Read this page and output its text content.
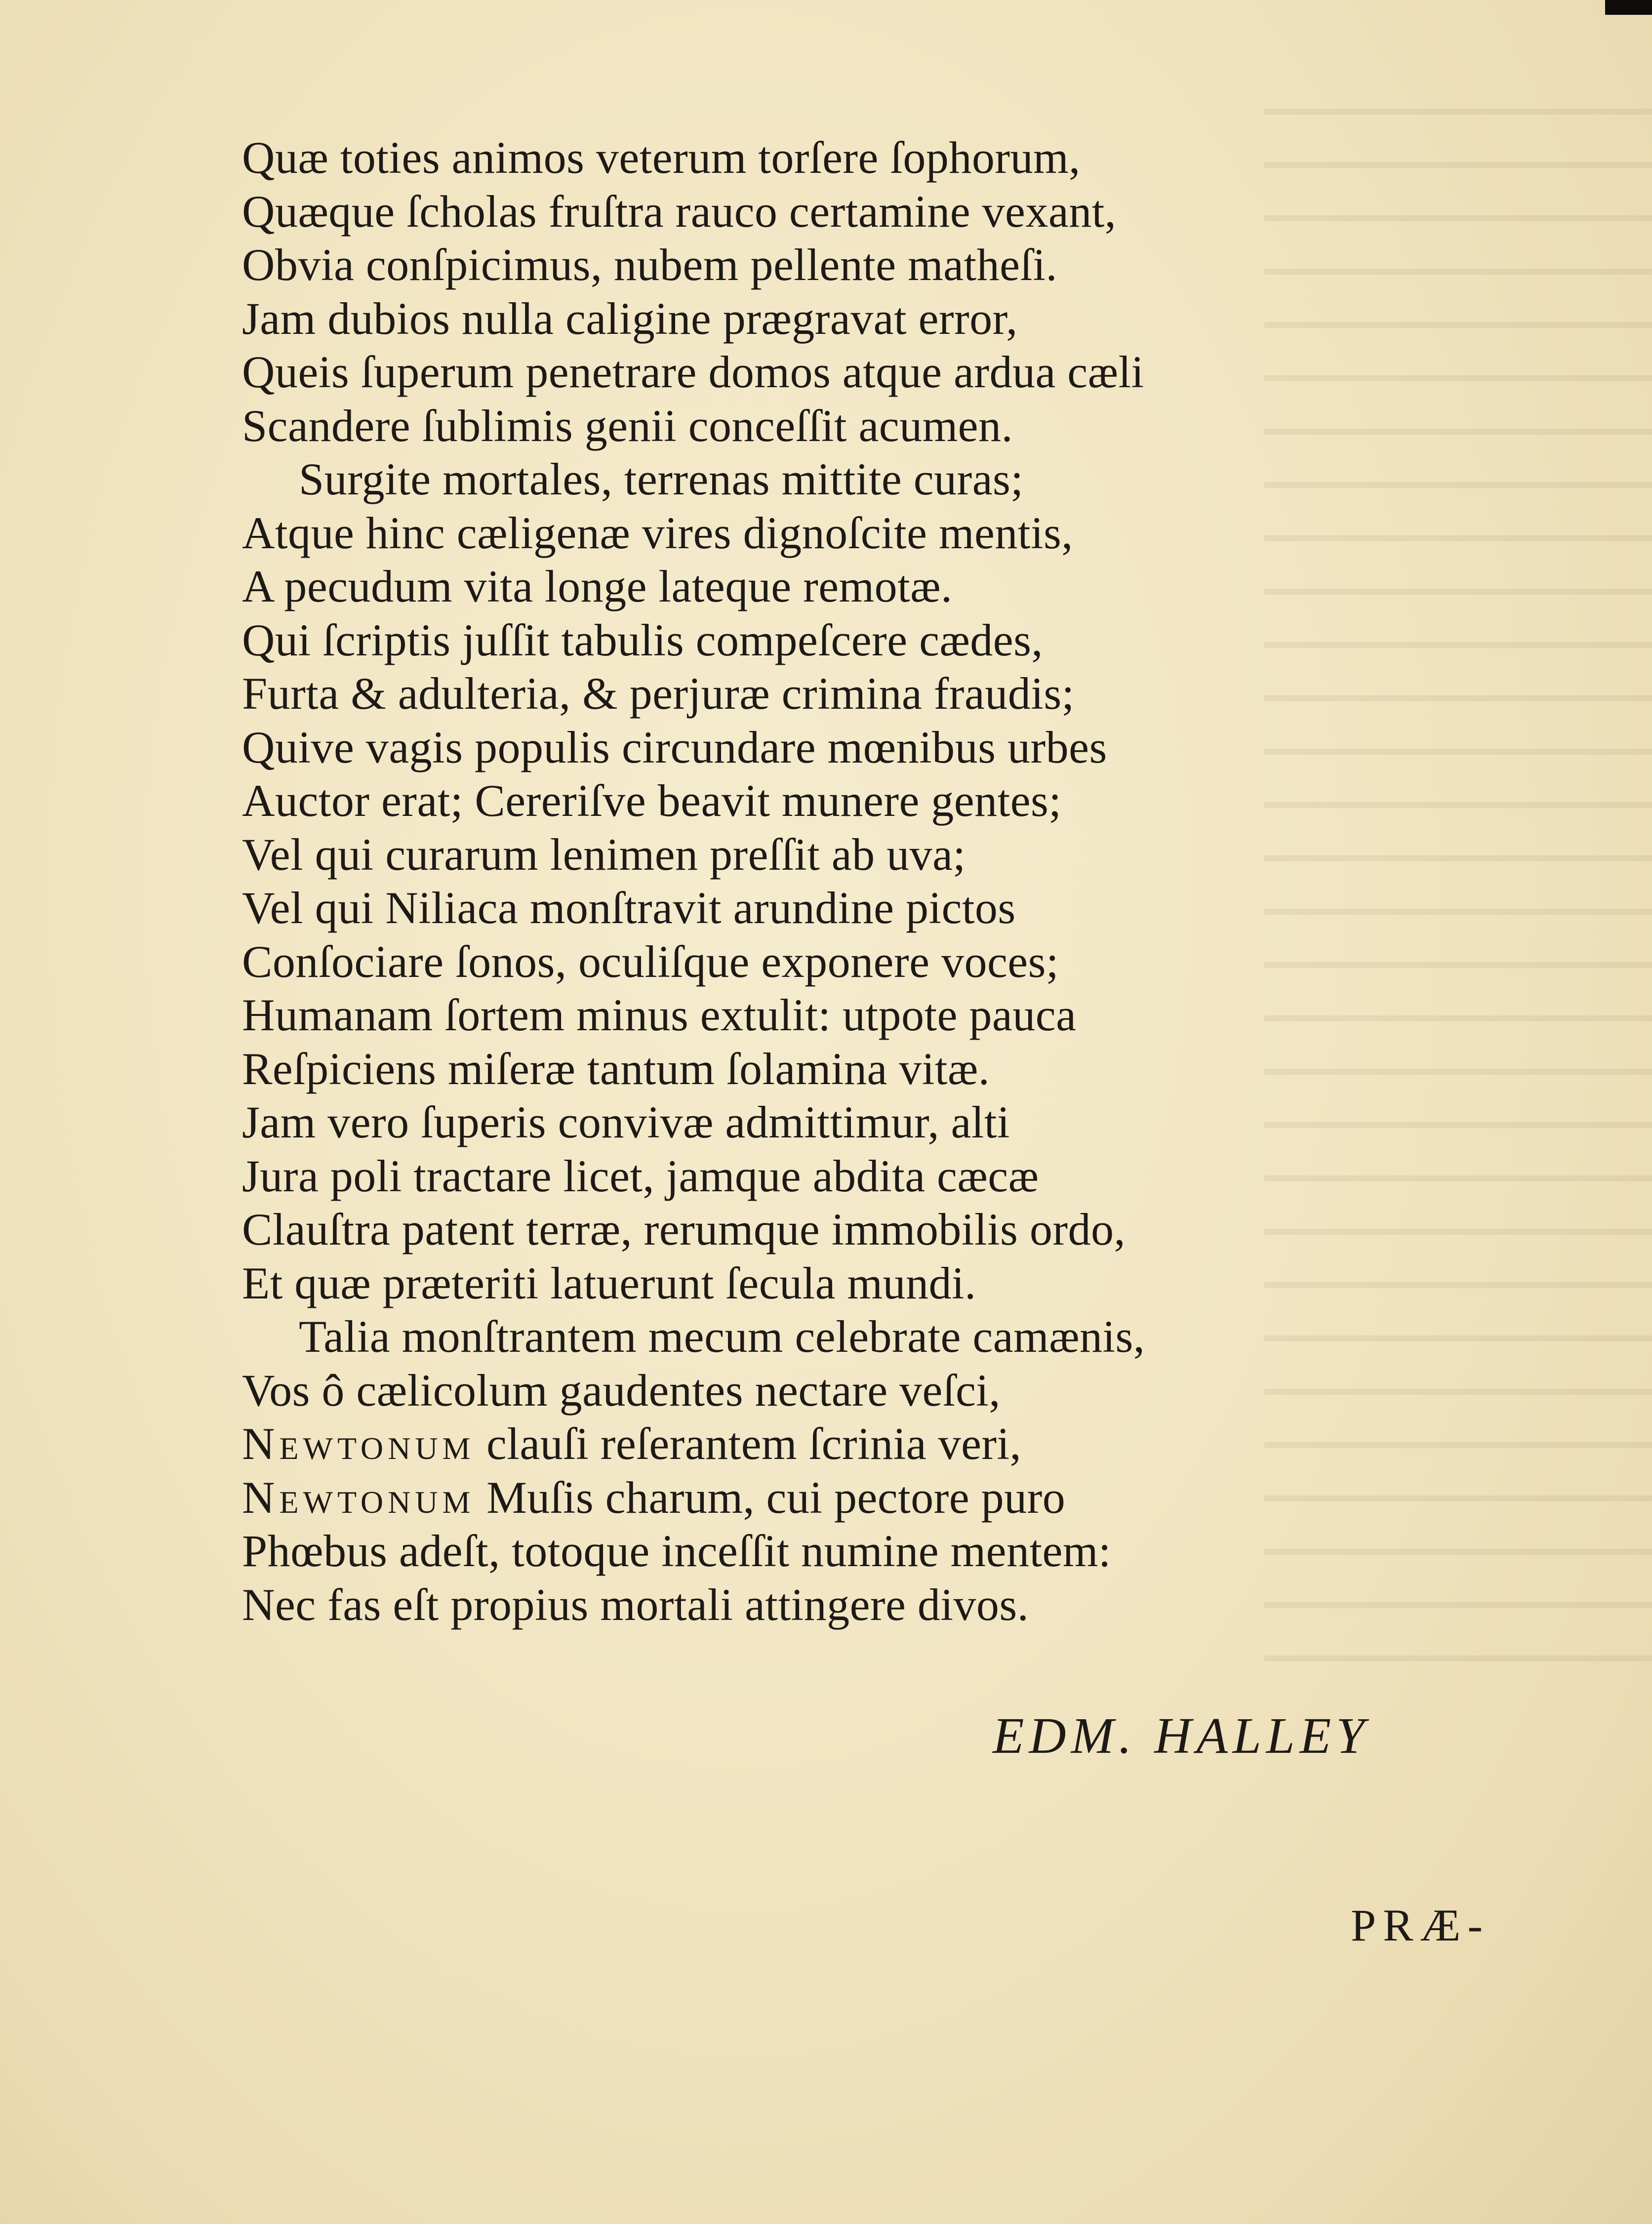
Quæ toties animos veterum torſere ſophorum,
Quæque ſcholas fruſtra rauco certamine vexant,
Obvia conſpicimus, nubem pellente matheſi.
Jam dubios nulla caligine prægravat error,
Queis ſuperum penetrare domos atque ardua cæli
Scandere ſublimis genii conceſſit acumen.
Surgite mortales, terrenas mittite curas;
Atque hinc cæligenæ vires dignoſcite mentis,
A pecudum vita longe lateque remotæ.
Qui ſcriptis juſſit tabulis compeſcere cædes,
Furta & adulteria, & perjuræ crimina fraudis;
Quive vagis populis circundare mœnibus urbes
Auctor erat; Cereriſve beavit munere gentes;
Vel qui curarum lenimen preſſit ab uva;
Vel qui Niliaca monſtravit arundine pictos
Conſociare ſonos, oculiſque exponere voces;
Humanam ſortem minus extulit: utpote pauca
Reſpiciens miſeræ tantum ſolamina vitæ.
Jam vero ſuperis convivæ admittimur, alti
Jura poli tractare licet, jamque abdita cæcæ
Clauſtra patent terræ, rerumque immobilis ordo,
Et quæ præteriti latuerunt ſecula mundi.
Talia monſtrantem mecum celebrate camænis,
Vos ô cælicolum gaudentes nectare veſci,
Newtonum clauſi reſerantem ſcrinia veri,
Newtonum Muſis charum, cui pectore puro
Phœbus adeſt, totoque inceſſit numine mentem:
Nec fas eſt propius mortali attingere divos.
EDM. HALLEY
PRÆ-
